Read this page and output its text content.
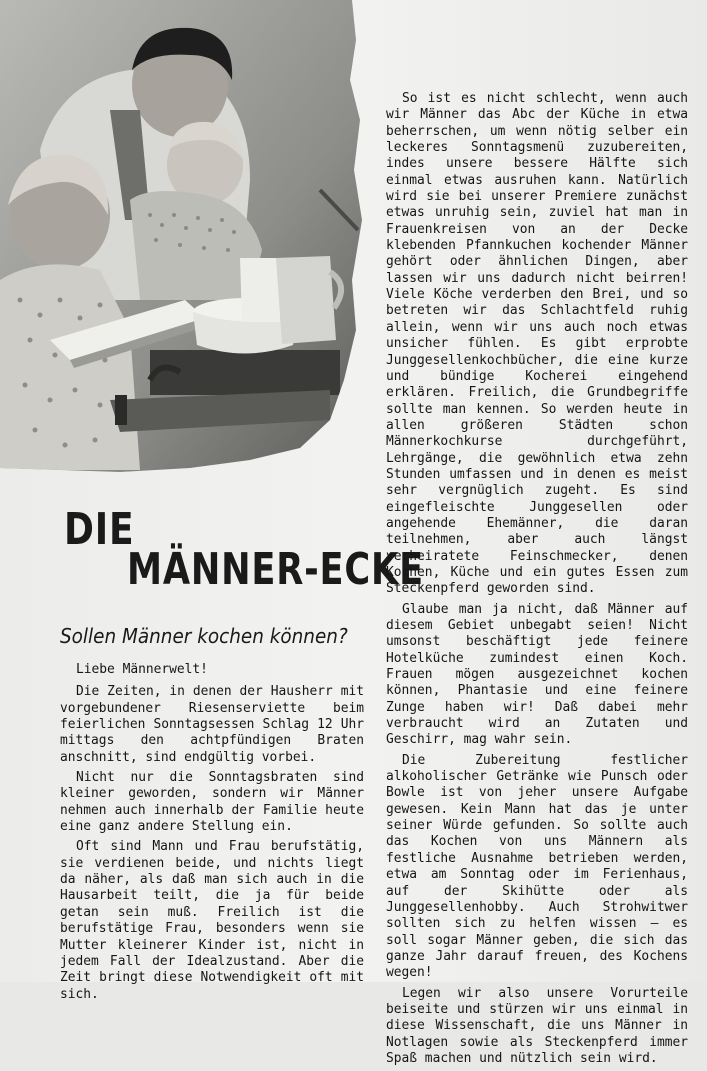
DIE
MÄNNER-ECKE
Sollen Männer kochen können?

Liebe Männerwelt!

Die Zeiten, in denen der Hausherr mit vorgebundener Riesenserviette beim feierlichen Sonntagsessen Schlag 12 Uhr mittags den achtpfündigen Braten anschnitt, sind endgültig vorbei.

Nicht nur die Sonntagsbraten sind kleiner geworden, sondern wir Männer nehmen auch innerhalb der Familie heute eine ganz andere Stellung ein.

Oft sind Mann und Frau berufstätig, sie verdienen beide, und nichts liegt da näher, als daß man sich auch in die Hausarbeit teilt, die ja für beide getan sein muß. Freilich ist die berufstätige Frau, besonders wenn sie Mutter kleinerer Kinder ist, nicht in jedem Fall der Idealzustand. Aber die Zeit bringt diese Notwendigkeit oft mit sich.

So ist es nicht schlecht, wenn auch wir Männer das Abc der Küche in etwa beherrschen, um wenn nötig selber ein leckeres Sonntagsmenü zuzubereiten, indes unsere bessere Hälfte sich einmal etwas ausruhen kann. Natürlich wird sie bei unserer Premiere zunächst etwas unruhig sein, zuviel hat man in Frauenkreisen von an der Decke klebenden Pfannkuchen kochender Männer gehört oder ähnlichen Dingen, aber lassen wir uns dadurch nicht beirren! Viele Köche verderben den Brei, und so betreten wir das Schlachtfeld ruhig allein, wenn wir uns auch noch etwas unsicher fühlen. Es gibt erprobte Junggesellenkochbücher, die eine kurze und bündige Kocherei eingehend erklären. Freilich, die Grundbegriffe sollte man kennen. So werden heute in allen größeren Städten schon Männerkochkurse durchgeführt, Lehrgänge, die gewöhnlich etwa zehn Stunden umfassen und in denen es meist sehr vergnüglich zugeht. Es sind eingefleischte Junggesellen oder angehende Ehemänner, die daran teilnehmen, aber auch längst verheiratete Feinschmecker, denen Kochen, Küche und ein gutes Essen zum Steckenpferd geworden sind.

Glaube man ja nicht, daß Männer auf diesem Gebiet unbegabt seien! Nicht umsonst beschäftigt jede feinere Hotelküche zumindest einen Koch. Frauen mögen ausgezeichnet kochen können, Phantasie und eine feinere Zunge haben wir! Daß dabei mehr verbraucht wird an Zutaten und Geschirr, mag wahr sein.

Die Zubereitung festlicher alkoholischer Getränke wie Punsch oder Bowle ist von jeher unsere Aufgabe gewesen. Kein Mann hat das je unter seiner Würde gefunden. So sollte auch das Kochen von uns Männern als festliche Ausnahme betrieben werden, etwa am Sonntag oder im Ferienhaus, auf der Skihütte oder als Junggesellenhobby. Auch Strohwitwer sollten sich zu helfen wissen — es soll sogar Männer geben, die sich das ganze Jahr darauf freuen, des Kochens wegen!

Legen wir also unsere Vorurteile beiseite und stürzen wir uns einmal in diese Wissenschaft, die uns Männer in Notlagen sowie als Steckenpferd immer Spaß machen und nützlich sein wird.
